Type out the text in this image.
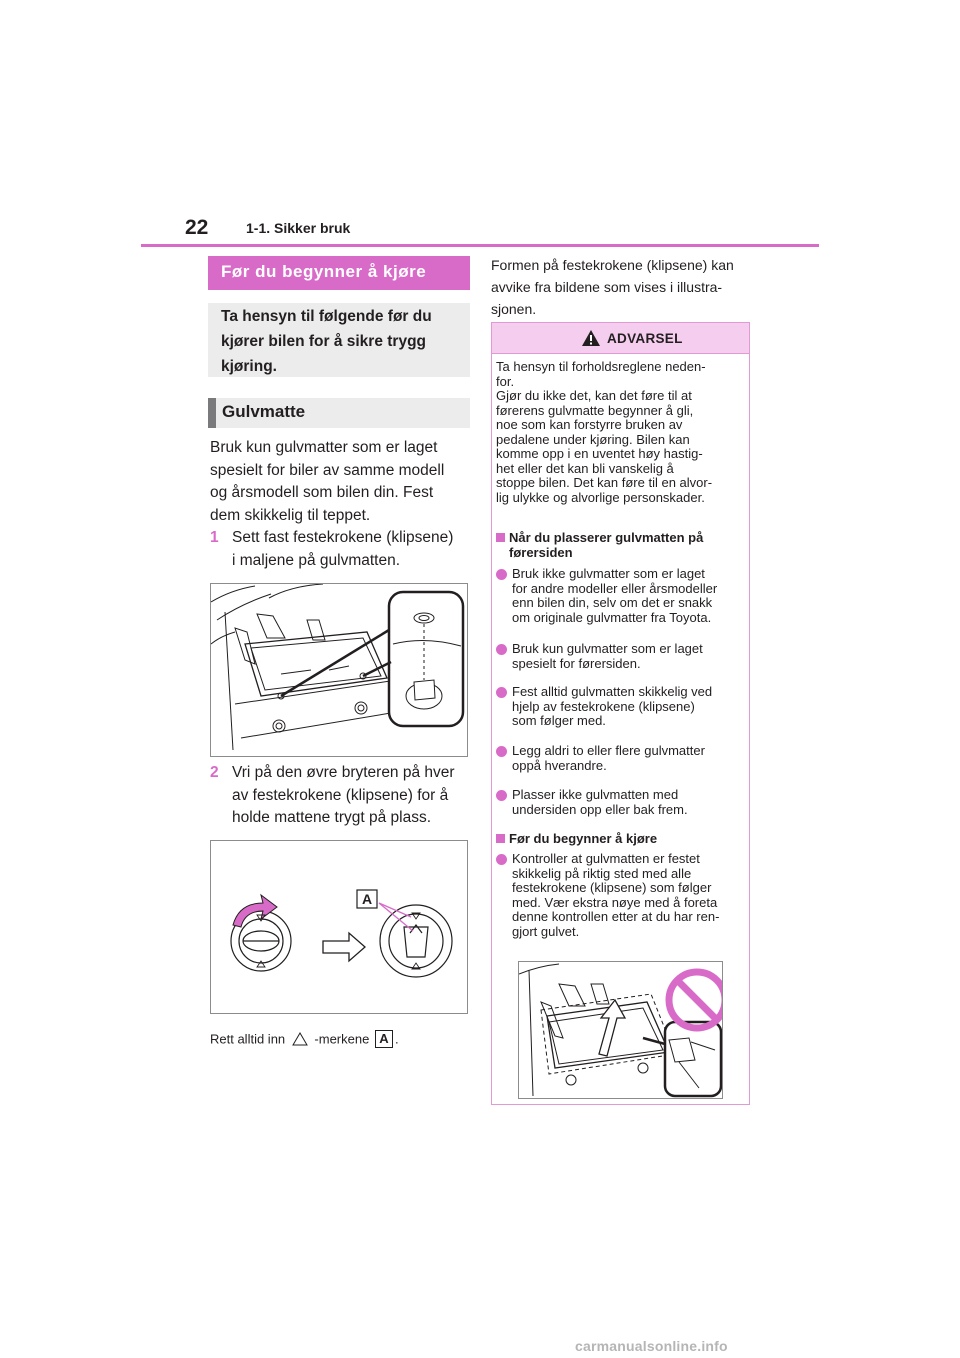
22	1-1. Sikker bruk
Før du begynner å kjøre
Ta hensyn til følgende før du
kjører bilen for å sikre trygg
kjøring.
Gulvmatte
Bruk kun gulvmatter som er laget
spesielt for biler av samme modell
og årsmodell som bilen din. Fest
dem skikkelig til teppet.
1 Sett fast festekrokene (klipsene)
i maljene på gulvmatten.
2 Vri på den øvre bryteren på hver
av festekrokene (klipsene) for å
holde mattene trygt på plass.
A
Rett alltid inn -merkene A .
Formen på festekrokene (klipsene) kan
avvike fra bildene som vises i illustra-
sjonen.
ADVARSEL
Ta hensyn til forholdsreglene neden-
for.
Gjør du ikke det, kan det føre til at
førerens gulvmatte begynner å gli,
noe som kan forstyrre bruken av
pedalene under kjøring. Bilen kan
komme opp i en uventet høy hastig-
het eller det kan bli vanskelig å
stoppe bilen. Det kan føre til en alvor-
lig ulykke og alvorlige personskader.
Når du plasserer gulvmatten på
førersiden
Bruk ikke gulvmatter som er laget
for andre modeller eller årsmodeller
enn bilen din, selv om det er snakk
om originale gulvmatter fra Toyota.
Bruk kun gulvmatter som er laget
spesielt for førersiden.
Fest alltid gulvmatten skikkelig ved
hjelp av festekrokene (klipsene)
som følger med.
Legg aldri to eller flere gulvmatter
oppå hverandre.
Plasser ikke gulvmatten med
undersiden opp eller bak frem.
Før du begynner å kjøre
Kontroller at gulvmatten er festet
skikkelig på riktig sted med alle
festekrokene (klipsene) som følger
med. Vær ekstra nøye med å foreta
denne kontrollen etter at du har ren-
gjort gulvet.
carmanualsonline.info
